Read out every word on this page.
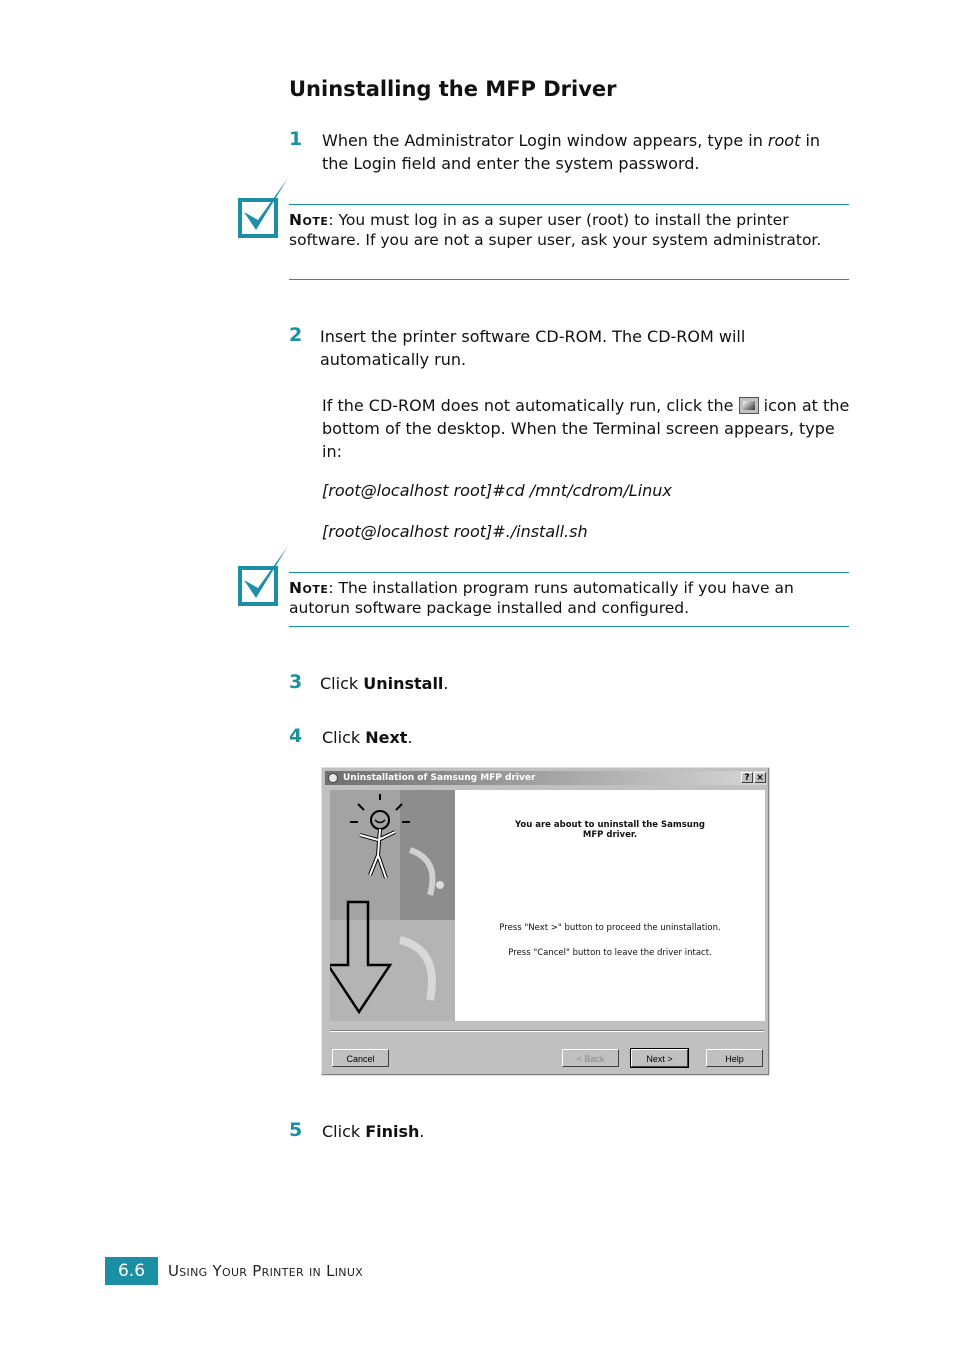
Uninstalling the MFP Driver
1 When the Administrator Login window appears, type in root in the Login field and enter the system password.
Note: You must log in as a super user (root) to install the printer software. If you are not a super user, ask your system administrator.
2 Insert the printer software CD-ROM. The CD-ROM will automatically run.
If the CD-ROM does not automatically run, click the
icon at the bottom of the desktop. When the Terminal screen appears, type in:
[root@localhost root]#cd /mnt/cdrom/Linux
[root@localhost root]#./install.sh
Note: The installation program runs automatically if you have an autorun software package installed and configured.
3 Click Uninstall.
4 Click Next.
Uninstallation of Samsung MFP driver	? ×
You are about to uninstall the Samsung MFP driver.
Press "Next >" button to proceed the uninstallation.
Press "Cancel" button to leave the driver intact.
Cancel	< Back	Next >	Help
5 Click Finish.
6.6	Using Your Printer in Linux
